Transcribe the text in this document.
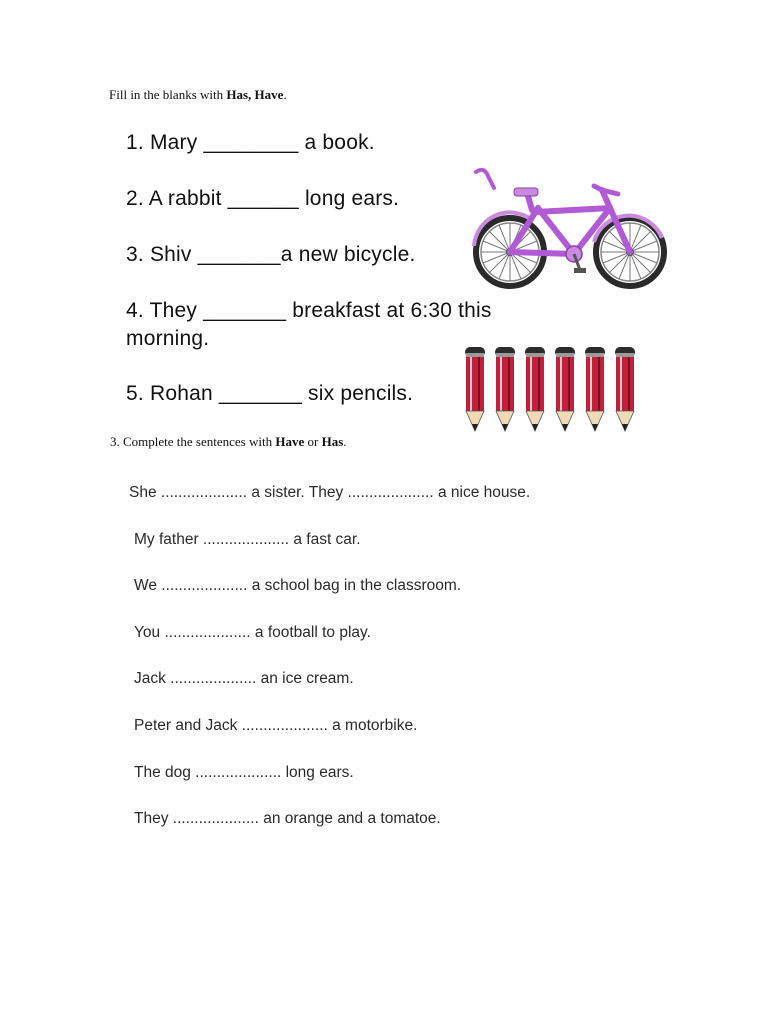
Fill in the blanks with Has, Have.
1. Mary ________ a book.
2. A rabbit ______ long ears.
3. Shiv _______a new bicycle.
4. They _______ breakfast at 6:30 this
morning.
5. Rohan _______ six pencils.
3. Complete the sentences with Have or Has.
She .................... a sister. They .................... a nice house.
My father .................... a fast car.
We .................... a school bag in the classroom.
You .................... a football to play.
Jack .................... an ice cream.
Peter and Jack .................... a motorbike.
The dog .................... long ears.
They .................... an orange and a tomatoe.
